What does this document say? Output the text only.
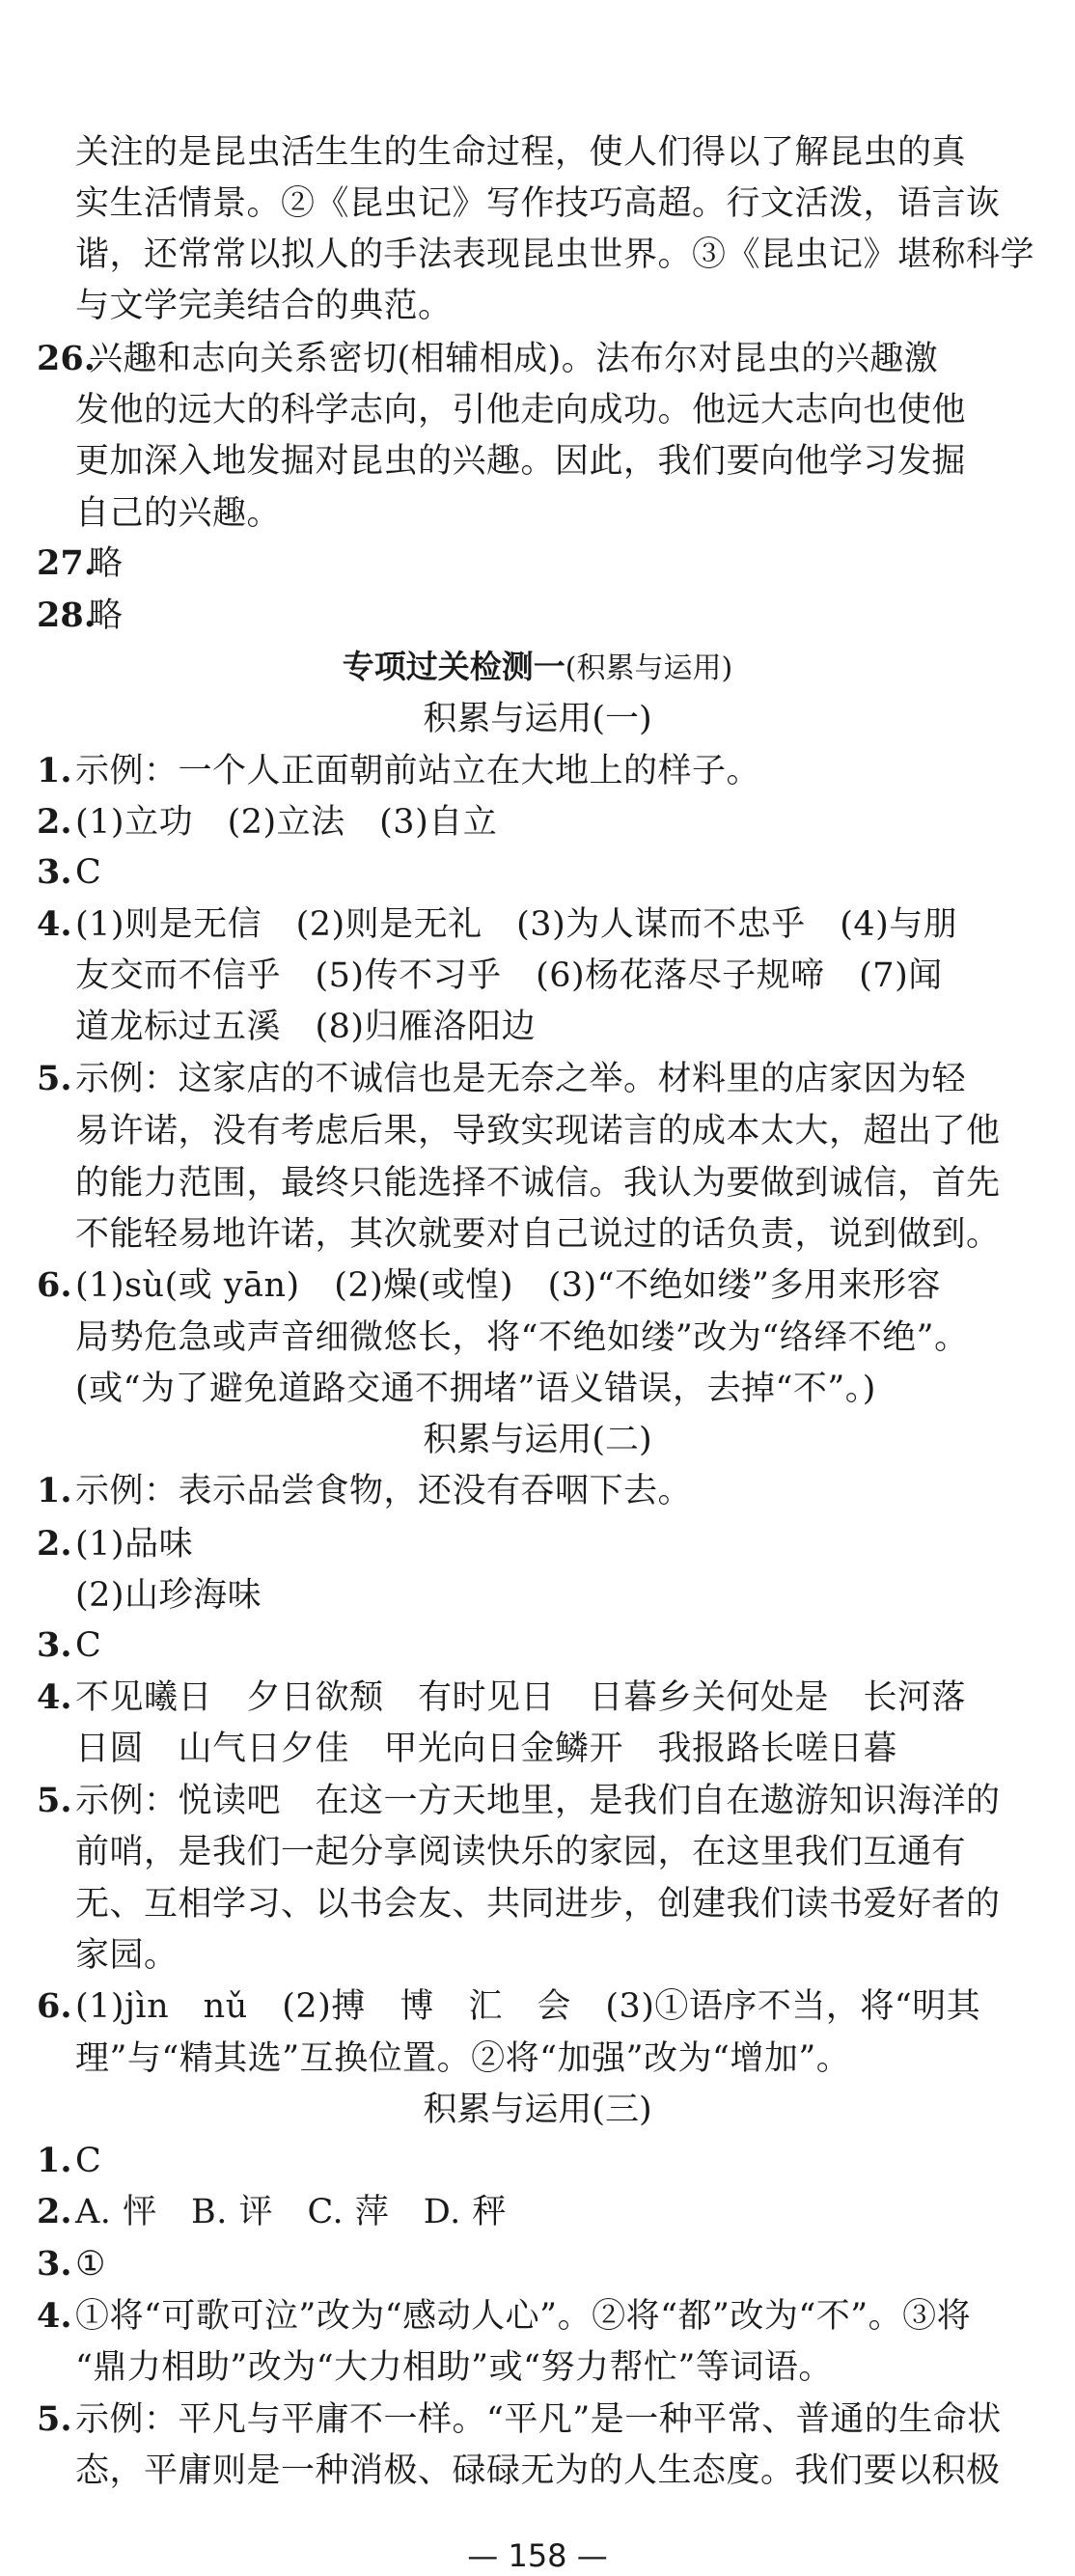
关注的是昆虫活生生的生命过程，使人们得以了解昆虫的真
实生活情景。②《昆虫记》写作技巧高超。行文活泼，语言诙
谐，还常常以拟人的手法表现昆虫世界。③《昆虫记》堪称科学
与文学完美结合的典范。
26.
兴趣和志向关系密切(相辅相成)。法布尔对昆虫的兴趣激
发他的远大的科学志向，引他走向成功。他远大志向也使他
更加深入地发掘对昆虫的兴趣。因此，我们要向他学习发掘
自己的兴趣。
27.
略
28.
略
专项过关检测一(积累与运用)
积累与运用(一)
1. 示例：一个人正面朝前站立在大地上的样子。
2. (1)立功　(2)立法　(3)自立
3. C
4. (1)则是无信　(2)则是无礼　(3)为人谋而不忠乎　(4)与朋
友交而不信乎　(5)传不习乎　(6)杨花落尽子规啼　(7)闻
道龙标过五溪　(8)归雁洛阳边
5. 示例：这家店的不诚信也是无奈之举。材料里的店家因为轻
易许诺，没有考虑后果，导致实现诺言的成本太大，超出了他
的能力范围，最终只能选择不诚信。我认为要做到诚信，首先
不能轻易地许诺，其次就要对自己说过的话负责，说到做到。
6. (1)sù(或 yān)　(2)燥(或惶)　(3)“不绝如缕”多用来形容
局势危急或声音细微悠长，将“不绝如缕”改为“络绎不绝”。
(或“为了避免道路交通不拥堵”语义错误，去掉“不”。)
积累与运用(二)
1. 示例：表示品尝食物，还没有吞咽下去。
2. (1)品味
(2)山珍海味
3. C
4. 不见曦日　夕日欲颓　有时见日　日暮乡关何处是　长河落
日圆　山气日夕佳　甲光向日金鳞开　我报路长嗟日暮
5. 示例：悦读吧　在这一方天地里，是我们自在遨游知识海洋的
前哨，是我们一起分享阅读快乐的家园，在这里我们互通有
无、互相学习、以书会友、共同进步，创建我们读书爱好者的
家园。
6. (1)jìn　nǔ　(2)搏　博　汇　会　(3)①语序不当，将“明其
理”与“精其选”互换位置。②将“加强”改为“增加”。
积累与运用(三)
1. C
2. A. 怦　B. 评　C. 萍　D. 秤
3. ①
4. ①将“可歌可泣”改为“感动人心”。②将“都”改为“不”。③将
“鼎力相助”改为“大力相助”或“努力帮忙”等词语。
5. 示例：平凡与平庸不一样。“平凡”是一种平常、普通的生命状
态，平庸则是一种消极、碌碌无为的人生态度。我们要以积极
— 158 —
